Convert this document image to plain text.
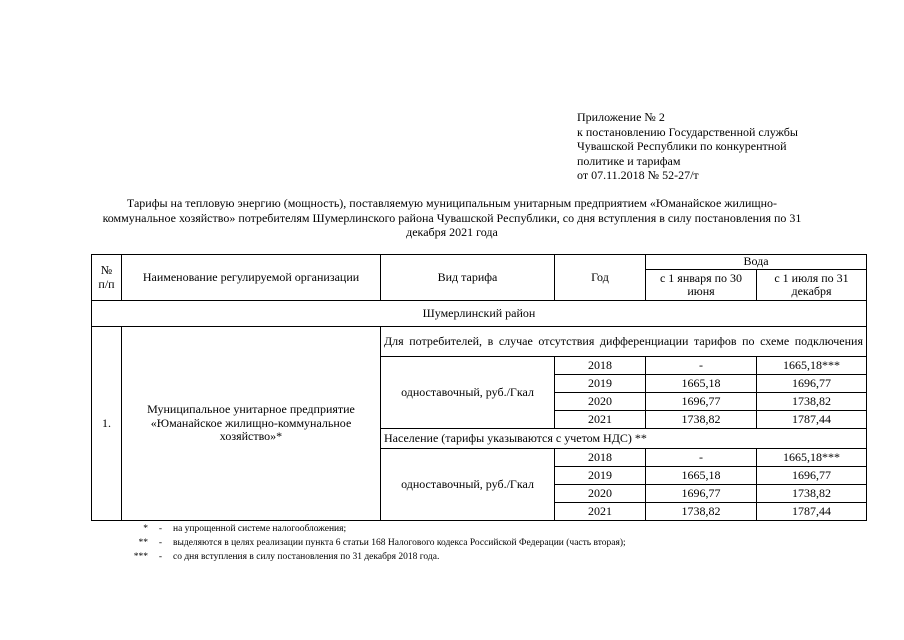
Приложение № 2
к постановлению Государственной службы
Чувашской Республики по конкурентной
политике и тарифам
от 07.11.2018 № 52-27/т
Тарифы на тепловую энергию (мощность), поставляемую муниципальным унитарным предприятием «Юманайское жилищно-коммунальное хозяйство» потребителям Шумерлинского района Чувашской Республики, со дня вступления в силу постановления по 31 декабря 2021 года
№ п/п	Наименование регулируемой организации	Вид тарифа	Год	Вода	
				с 1 января по 30 июня	с 1 июля по 31 декабря
Шумерлинский район					
1.	Муниципальное унитарное предприятие «Юманайское жилищно-коммунальное хозяйство»*	Для потребителей, в случае отсутствия дифференциации тарифов по схеме подключения			
		одноставочный, руб./Гкал	2018	-	1665,18***
			2019	1665,18	1696,77
			2020	1696,77	1738,82
			2021	1738,82	1787,44
		Население (тарифы указываются с учетом НДС) **			
		одноставочный, руб./Гкал	2018	-	1665,18***
			2019	1665,18	1696,77
			2020	1696,77	1738,82
			2021	1738,82	1787,44
*	-	на упрощенной системе налогообложения;
**	-	выделяются в целях реализации пункта 6 статьи 168 Налогового кодекса Российской Федерации (часть вторая);
***	-	со дня вступления в силу постановления по 31 декабря 2018 года.
